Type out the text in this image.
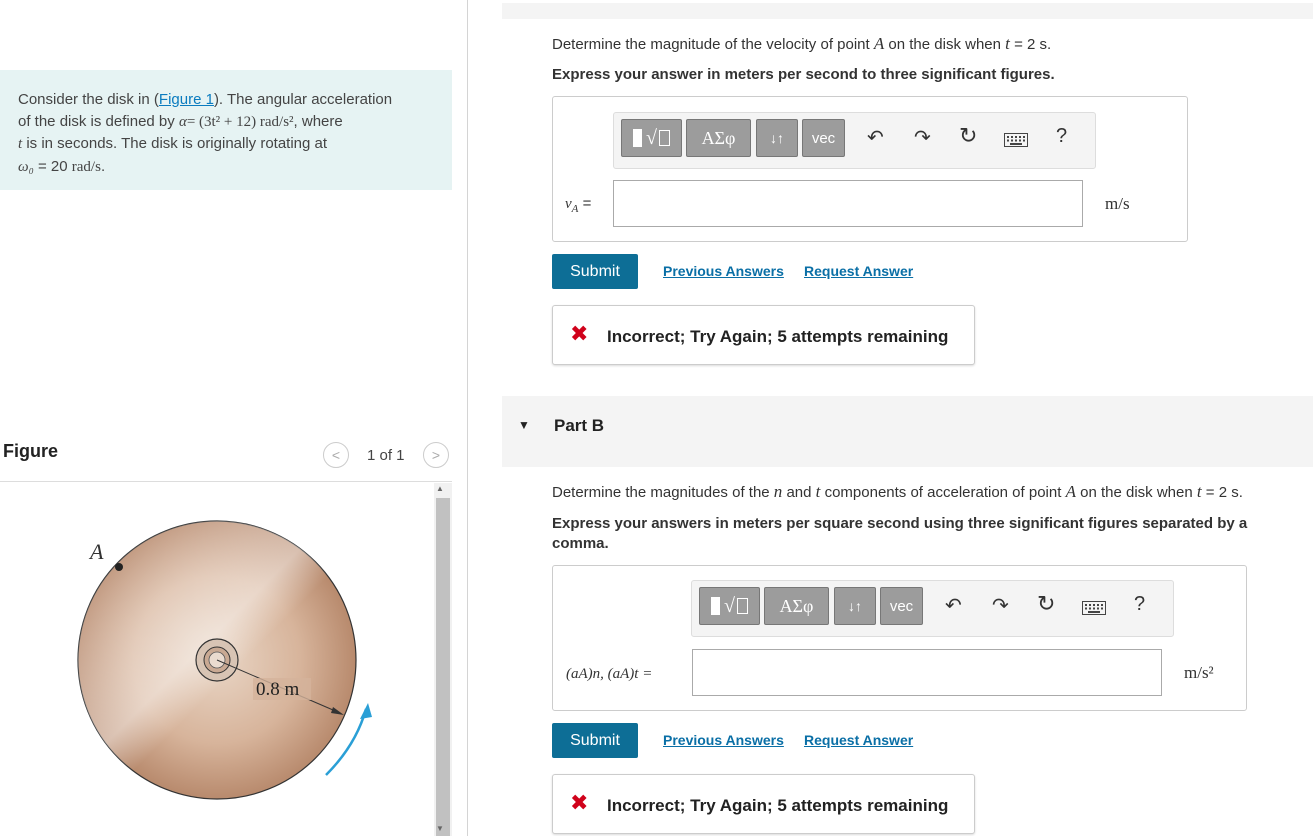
Consider the disk in (Figure 1). The angular acceleration
of the disk is defined by α= (3t² + 12) rad/s², where
t is in seconds. The disk is originally rotating at
ω₀ = 20 rad/s.

Figure	< 1 of 1 >
0.8 m
A
▲
▼
Determine the magnitude of the velocity of point A on the disk when t = 2 s.
Express your answer in meters per second to three significant figures.
√ ΑΣφ ↓↑ vec ↶ ↷ ↻	?
$v_A$ =	m/s
Submit	Previous Answers Request Answer
✖ Incorrect; Try Again; 5 attempts remaining
▼ Part B
Determine the magnitudes of the n and t components of acceleration of point A on the disk when t = 2 s.
Express your answers in meters per square second using three significant figures separated by a
comma.
√ ΑΣφ ↓↑ vec ↶ ↷ ↻	?
(aA)n, (aA)t =	m/s²
Submit	Previous Answers Request Answer
✖ Incorrect; Try Again; 5 attempts remaining
